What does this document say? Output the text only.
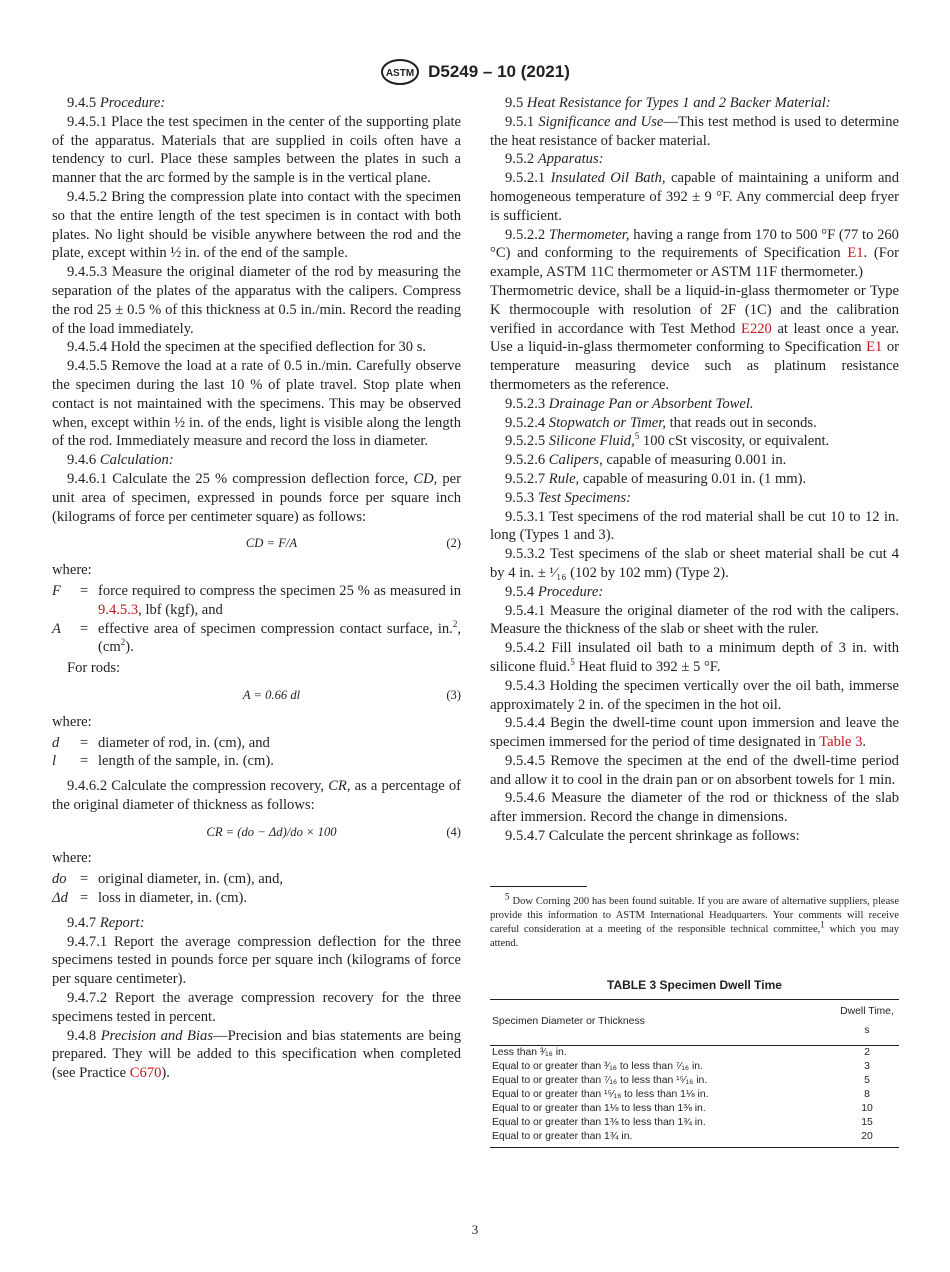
ASTM D5249 – 10 (2021)

9.4.5 Procedure:

9.4.5.1 Place the test specimen in the center of the supporting plate of the apparatus. Materials that are supplied in coils often have a tendency to curl. Place these samples between the plates in such a manner that the arc formed by the sample is in the vertical plane.

9.4.5.2 Bring the compression plate into contact with the specimen so that the entire length of the test specimen is in contact with both plates. No light should be visible anywhere between the rod and the plate, except within ½ in. of the end of the sample.

9.4.5.3 Measure the original diameter of the rod by measuring the separation of the plates of the apparatus with the calipers. Compress the rod 25 ± 0.5 % of this thickness at 0.5 in./min. Record the reading of the load immediately.

9.4.5.4 Hold the specimen at the specified deflection for 30 s.

9.4.5.5 Remove the load at a rate of 0.5 in./min. Carefully observe the specimen during the last 10 % of plate travel. Stop plate when contact is not maintained with the specimens. This may be observed when, except within ½ in. of the ends, light is visible along the length of the rod. Immediately measure and record the loss in diameter.

9.4.6 Calculation:

9.4.6.1 Calculate the 25 % compression deflection force, CD, per unit area of specimen, expressed in pounds force per square inch (kilograms of force per centimeter square) as follows:

CD = F/A	(2)

where:

F	= force required to compress the specimen 25 % as measured in 9.4.5.3, lbf (kgf), and
A	= effective area of specimen compression contact surface, in.$^2$, $(cm^2)$.

For rods:

A = 0.66 dl	(3)

where:

d	= diameter of rod, in. (cm), and
l	= length of the sample, in. (cm).

9.4.6.2 Calculate the compression recovery, CR, as a percentage of the original diameter of thickness as follows:

CR = (do − Δd)/do × 100	(4)

where:

do = original diameter, in. (cm), and,
Δd = loss in diameter, in. (cm).

9.4.7 Report:

9.4.7.1 Report the average compression deflection for the three specimens tested in pounds force per square inch (kilograms of force per square centimeter).

9.4.7.2 Report the average compression recovery for the three specimens tested in percent.

9.4.8 Precision and Bias—Precision and bias statements are being prepared. They will be added to this specification when completed (see Practice C670).

9.5 Heat Resistance for Types 1 and 2 Backer Material:

9.5.1 Significance and Use—This test method is used to determine the heat resistance of backer material.

9.5.2 Apparatus:

9.5.2.1 Insulated Oil Bath, capable of maintaining a uniform and homogeneous temperature of 392 ± 9 °F. Any commercial deep fryer is sufficient.

9.5.2.2 Thermometer, having a range from 170 to 500 °F (77 to 260 °C) and conforming to the requirements of Specification E1. (For example, ASTM 11C thermometer or ASTM 11F thermometer.)

Thermometric device, shall be a liquid-in-glass thermometer or Type K thermocouple with resolution of 2F (1C) and the calibration verified in accordance with Test Method E220 at least once a year. Use a liquid-in-glass thermometer conforming to Specification E1 or temperature measuring device such as platinum resistance thermometers as the reference.

9.5.2.3 Drainage Pan or Absorbent Towel.

9.5.2.4 Stopwatch or Timer, that reads out in seconds.

9.5.2.5 Silicone Fluid,$^5$ 100 cSt viscosity, or equivalent.

9.5.2.6 Calipers, capable of measuring 0.001 in.

9.5.2.7 Rule, capable of measuring 0.01 in. (1 mm).

9.5.3 Test Specimens:

9.5.3.1 Test specimens of the rod material shall be cut 10 to 12 in. long (Types 1 and 3).

9.5.3.2 Test specimens of the slab or sheet material shall be cut 4 by 4 in. ± ¹⁄₁₆ (102 by 102 mm) (Type 2).

9.5.4 Procedure:

9.5.4.1 Measure the original diameter of the rod with the calipers. Measure the thickness of the slab or sheet with the ruler.

9.5.4.2 Fill insulated oil bath to a minimum depth of 3 in. with silicone fluid.$^5$ Heat fluid to 392 ± 5 °F.

9.5.4.3 Holding the specimen vertically over the oil bath, immerse approximately 2 in. of the specimen in the hot oil.

9.5.4.4 Begin the dwell-time count upon immersion and leave the specimen immersed for the period of time designated in Table 3.

9.5.4.5 Remove the specimen at the end of the dwell-time period and allow it to cool in the drain pan or on absorbent towels for 1 min.

9.5.4.6 Measure the diameter of the rod or thickness of the slab after immersion. Record the change in dimensions.

9.5.4.7 Calculate the percent shrinkage as follows:

$^5$ Dow Corning 200 has been found suitable. If you are aware of alternative suppliers, please provide this information to ASTM International Headquarters. Your comments will receive careful consideration at a meeting of the responsible technical committee,$^1$ which you may attend.

TABLE 3 Specimen Dwell Time
Specimen Diameter or Thickness	Dwell Time, s
Less than ³⁄₁₆ in.	2
Equal to or greater than ³⁄₁₆ to less than ⁷⁄₁₆ in.	3
Equal to or greater than ⁷⁄₁₆ to less than ¹⁵⁄₁₆ in.	5
Equal to or greater than ¹⁵⁄₁₆ to less than 1⅛ in.	8
Equal to or greater than 1⅛ to less than 1⅜ in.	10
Equal to or greater than 1⅜ to less than 1¾ in.	15
Equal to or greater than 1¾ in.	20
3
